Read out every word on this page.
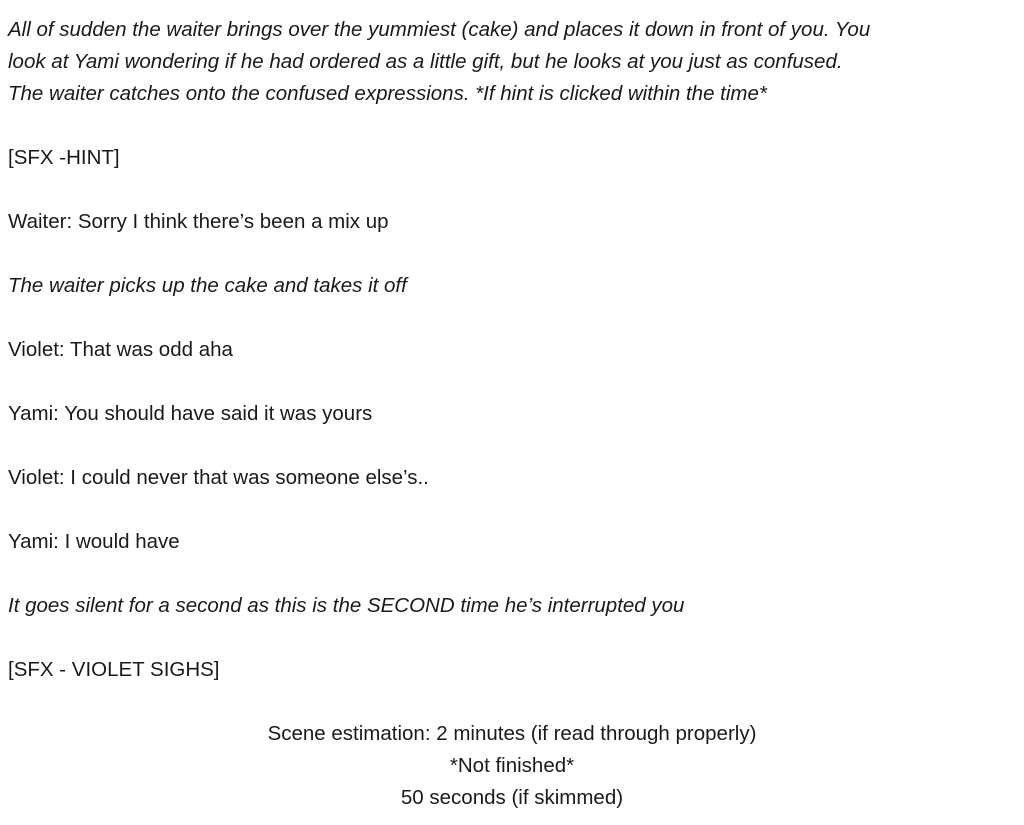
All of sudden the waiter brings over the yummiest (cake) and places it down in front of you. You

look at Yami wondering if he had ordered as a little gift, but he looks at you just as confused.

The waiter catches onto the confused expressions. *If hint is clicked within the time*

[SFX -HINT]

Waiter: Sorry I think there’s been a mix up

The waiter picks up the cake and takes it off

Violet: That was odd aha

Yami: You should have said it was yours

Violet: I could never that was someone else’s..

Yami: I would have

It goes silent for a second as this is the SECOND time he’s interrupted you

[SFX - VIOLET SIGHS]

Scene estimation: 2 minutes (if read through properly)

*Not finished*

50 seconds (if skimmed)
